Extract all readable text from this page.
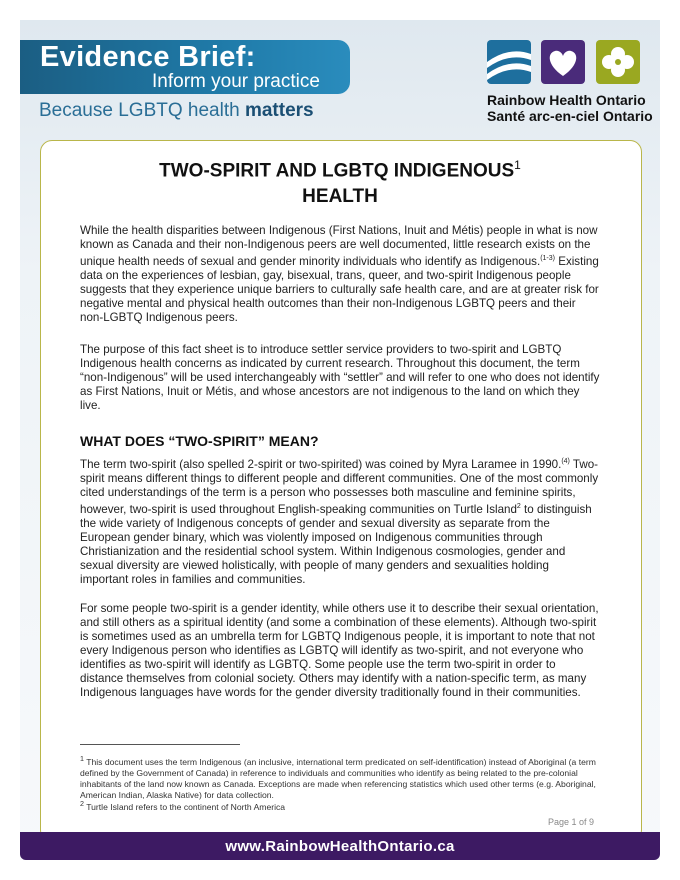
Evidence Brief:
Inform your practice
Because LGBTQ health matters	Rainbow Health Ontario
Santé arc-en-ciel Ontario
TWO-SPIRIT AND LGBTQ INDIGENOUS$^1$
HEALTH
While the health disparities between Indigenous (First Nations, Inuit and Métis) people in what is now known as Canada and their non-Indigenous peers are well documented, little research exists on the unique health needs of sexual and gender minority individuals who identify as Indigenous.$^{(1-3)}$ Existing data on the experiences of lesbian, gay, bisexual, trans, queer, and two-spirit Indigenous people suggests that they experience unique barriers to culturally safe health care, and are at greater risk for negative mental and physical health outcomes than their non-Indigenous LGBTQ peers and their non-LGBTQ Indigenous peers.
The purpose of this fact sheet is to introduce settler service providers to two-spirit and LGBTQ Indigenous health concerns as indicated by current research. Throughout this document, the term “non-Indigenous” will be used interchangeably with “settler” and will refer to one who does not identify as First Nations, Inuit or Métis, and whose ancestors are not indigenous to the land on which they live.
WHAT DOES “TWO-SPIRIT” MEAN?
The term two-spirit (also spelled 2-spirit or two-spirited) was coined by Myra Laramee in 1990.$^{(4)}$ Two-spirit means different things to different people and different communities. One of the most commonly cited understandings of the term is a person who possesses both masculine and feminine spirits, however, two-spirit is used throughout English-speaking communities on Turtle Island$^2$ to distinguish the wide variety of Indigenous concepts of gender and sexual diversity as separate from the European gender binary, which was violently imposed on Indigenous communities through Christianization and the residential school system. Within Indigenous cosmologies, gender and sexual diversity are viewed holistically, with people of many genders and sexualities holding important roles in families and communities.
For some people two-spirit is a gender identity, while others use it to describe their sexual orientation, and still others as a spiritual identity (and some a combination of these elements). Although two-spirit is sometimes used as an umbrella term for LGBTQ Indigenous people, it is important to note that not every Indigenous person who identifies as LGBTQ will identify as two-spirit, and not everyone who identifies as two-spirit will identify as LGBTQ. Some people use the term two-spirit in order to distance themselves from colonial society. Others may identify with a nation-specific term, as many Indigenous languages have words for the gender diversity traditionally found in their communities.
$^1$ This document uses the term Indigenous (an inclusive, international term predicated on self-identification) instead of Aboriginal (a term defined by the Government of Canada) in reference to individuals and communities who identify as being related to the pre-colonial inhabitants of the land now known as Canada. Exceptions are made when referencing statistics which used other terms (e.g. Aboriginal, American Indian, Alaska Native) for data collection.
$^2$ Turtle Island refers to the continent of North America
Page 1 of 9
www.RainbowHealthOntario.ca
